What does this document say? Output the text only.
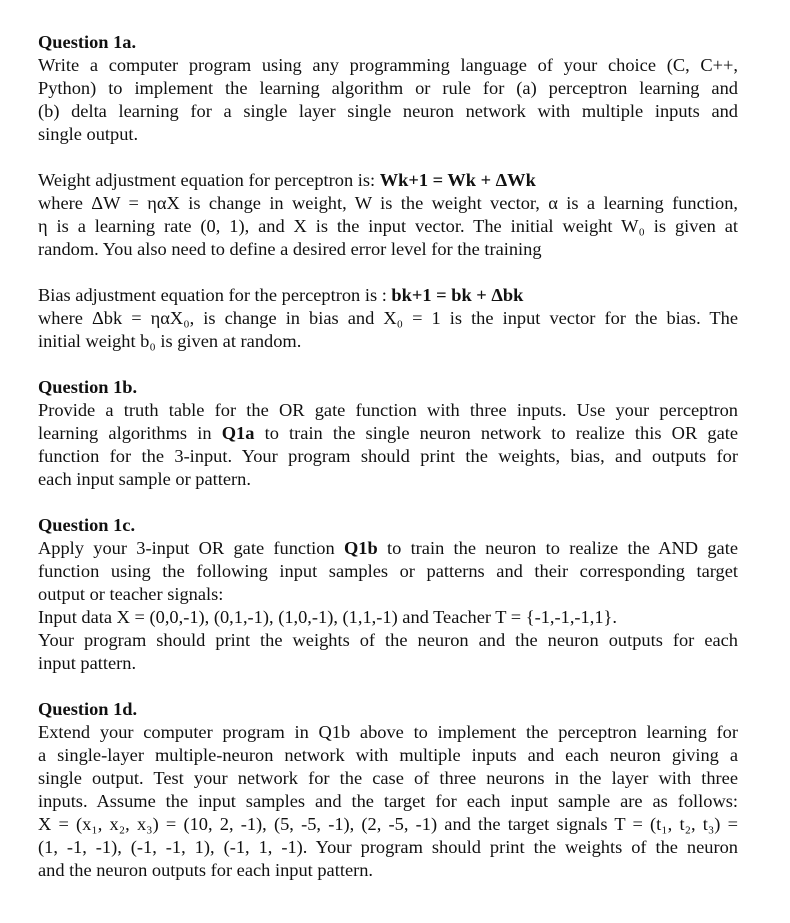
Question 1a.

Write a computer program using any programming language of your choice (C, C++,
Python) to implement the learning algorithm or rule for (a) perceptron learning and
(b) delta learning for a single layer single neuron network with multiple inputs and
single output.

Weight adjustment equation for perceptron is: Wk+1 = Wk + ΔWk
where ΔW = ηαX is change in weight, W is the weight vector, α is a learning function,
η is a learning rate (0, 1), and X is the input vector. The initial weight W₀ is given at
random. You also need to define a desired error level for the training

Bias adjustment equation for the perceptron is : bk+1 = bk + Δbk
where Δbk = ηαX₀, is change in bias and X₀ = 1 is the input vector for the bias. The
initial weight b₀ is given at random.

Question 1b.

Provide a truth table for the OR gate function with three inputs. Use your perceptron
learning algorithms in Q1a to train the single neuron network to realize this OR gate
function for the 3-input. Your program should print the weights, bias, and outputs for
each input sample or pattern.

Question 1c.

Apply your 3-input OR gate function Q1b to train the neuron to realize the AND gate
function using the following input samples or patterns and their corresponding target
output or teacher signals:
Input data X = (0,0,-1), (0,1,-1), (1,0,-1), (1,1,-1) and Teacher T = {-1,-1,-1,1}.
Your program should print the weights of the neuron and the neuron outputs for each
input pattern.

Question 1d.

Extend your computer program in Q1b above to implement the perceptron learning for
a single-layer multiple-neuron network with multiple inputs and each neuron giving a
single output. Test your network for the case of three neurons in the layer with three
inputs. Assume the input samples and the target for each input sample are as follows:
X = (x₁, x₂, x₃) = (10, 2, -1), (5, -5, -1), (2, -5, -1) and the target signals T = (t₁, t₂, t₃) =
(1, -1, -1), (-1, -1, 1), (-1, 1, -1). Your program should print the weights of the neuron
and the neuron outputs for each input pattern.
